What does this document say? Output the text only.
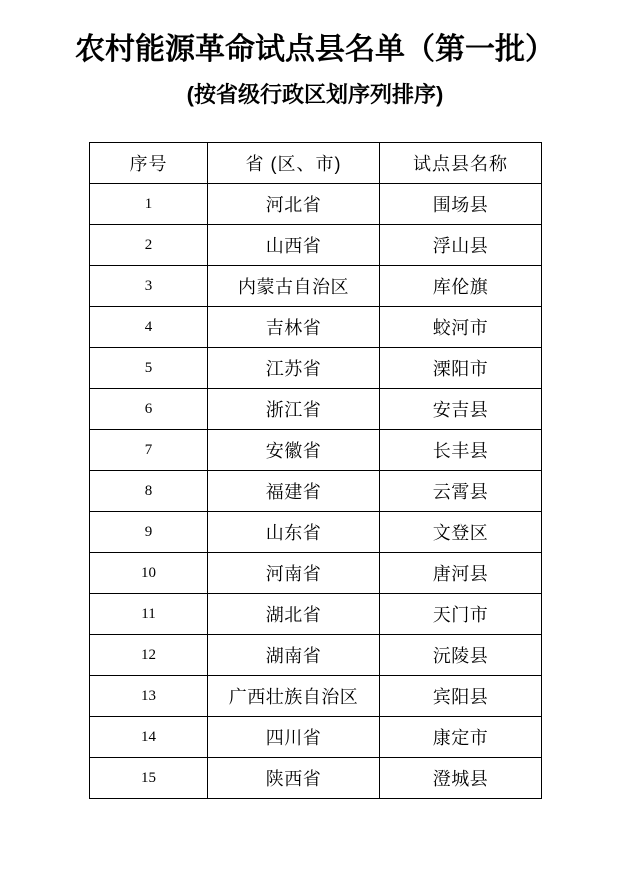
农村能源革命试点县名单（第一批）
(按省级行政区划序列排序)
序号	省 (区、市)	试点县名称
1	河北省	围场县
2	山西省	浮山县
3	内蒙古自治区	库伦旗
4	吉林省	蛟河市
5	江苏省	溧阳市
6	浙江省	安吉县
7	安徽省	长丰县
8	福建省	云霄县
9	山东省	文登区
10	河南省	唐河县
11	湖北省	天门市
12	湖南省	沅陵县
13	广西壮族自治区	宾阳县
14	四川省	康定市
15	陕西省	澄城县
